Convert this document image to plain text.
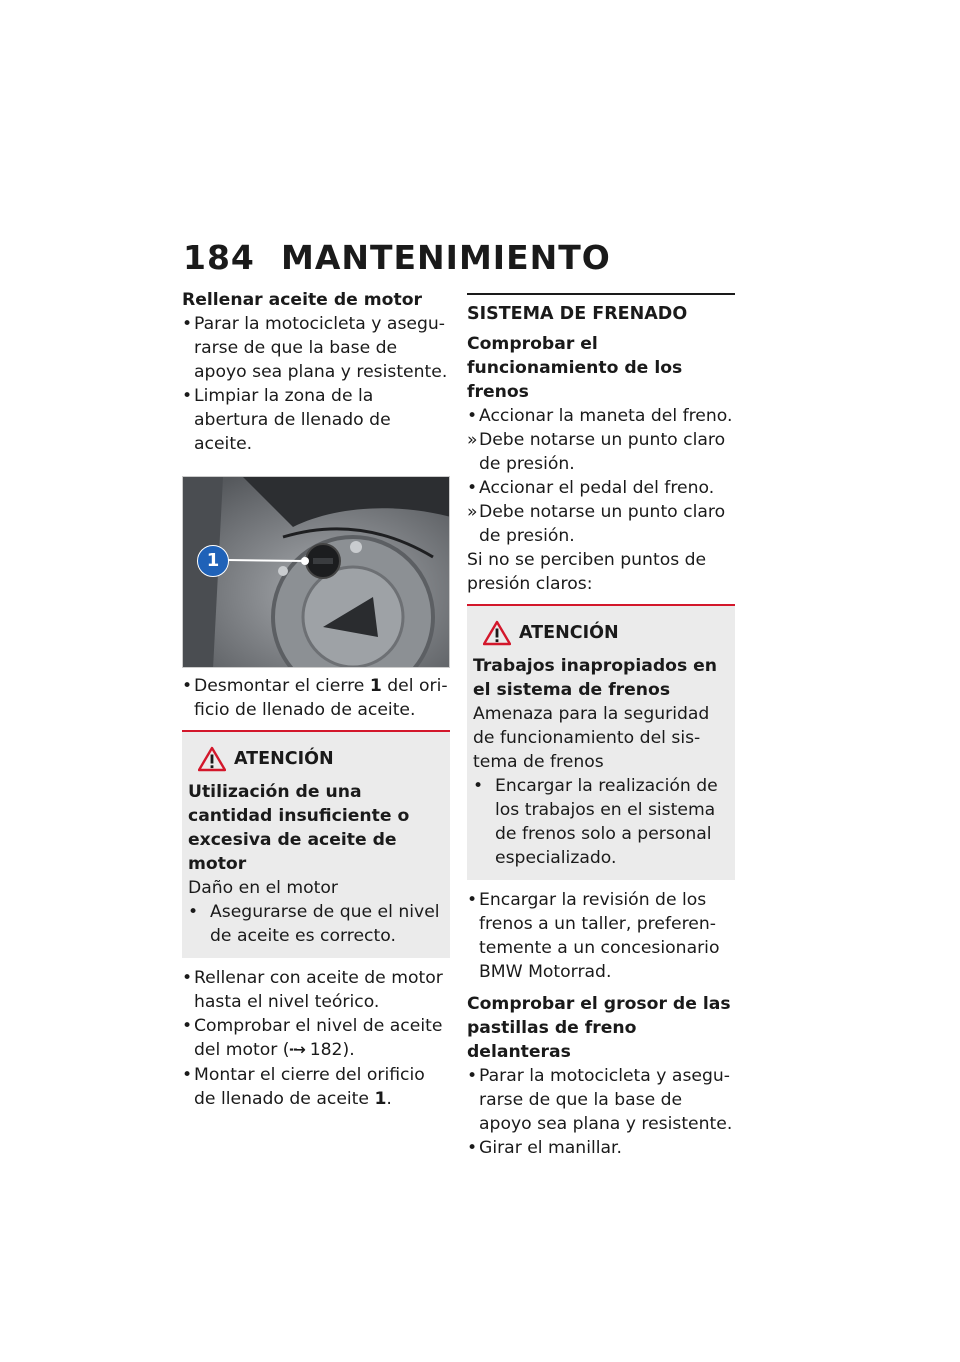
184 MANTENIMIENTO
Rellenar aceite de motor
• Parar la motocicleta y asegu-rarse de que la base de apoyo sea plana y resistente.
• Limpiar la zona de la abertura de llenado de aceite.
1
• Desmontar el cierre 1 del ori-ficio de llenado de aceite.
ATENCIÓN
Utilización de una cantidad insuficiente o excesiva de aceite de motor

Daño en el motor

• Asegurarse de que el nivel de aceite es correcto.
• Rellenar con aceite de motor hasta el nivel teórico.
• Comprobar el nivel de aceite del motor (╍➜ 182).
• Montar el cierre del orificio de llenado de aceite 1.
SISTEMA DE FRENADO
Comprobar el funcionamiento de los frenos
• Accionar la maneta del freno.
» Debe notarse un punto claro de presión.
• Accionar el pedal del freno.
» Debe notarse un punto claro de presión.

Si no se perciben puntos de presión claros:

ATENCIÓN
Trabajos inapropiados en el sistema de frenos

Amenaza para la seguridad de funcionamiento del sis-tema de frenos

• Encargar la realización de los trabajos en el sistema de frenos solo a personal especializado.
• Encargar la revisión de los frenos a un taller, preferen-temente a un concesionario BMW Motorrad.
Comprobar el grosor de las pastillas de freno delanteras
• Parar la motocicleta y asegu-rarse de que la base de apoyo sea plana y resistente.
• Girar el manillar.
